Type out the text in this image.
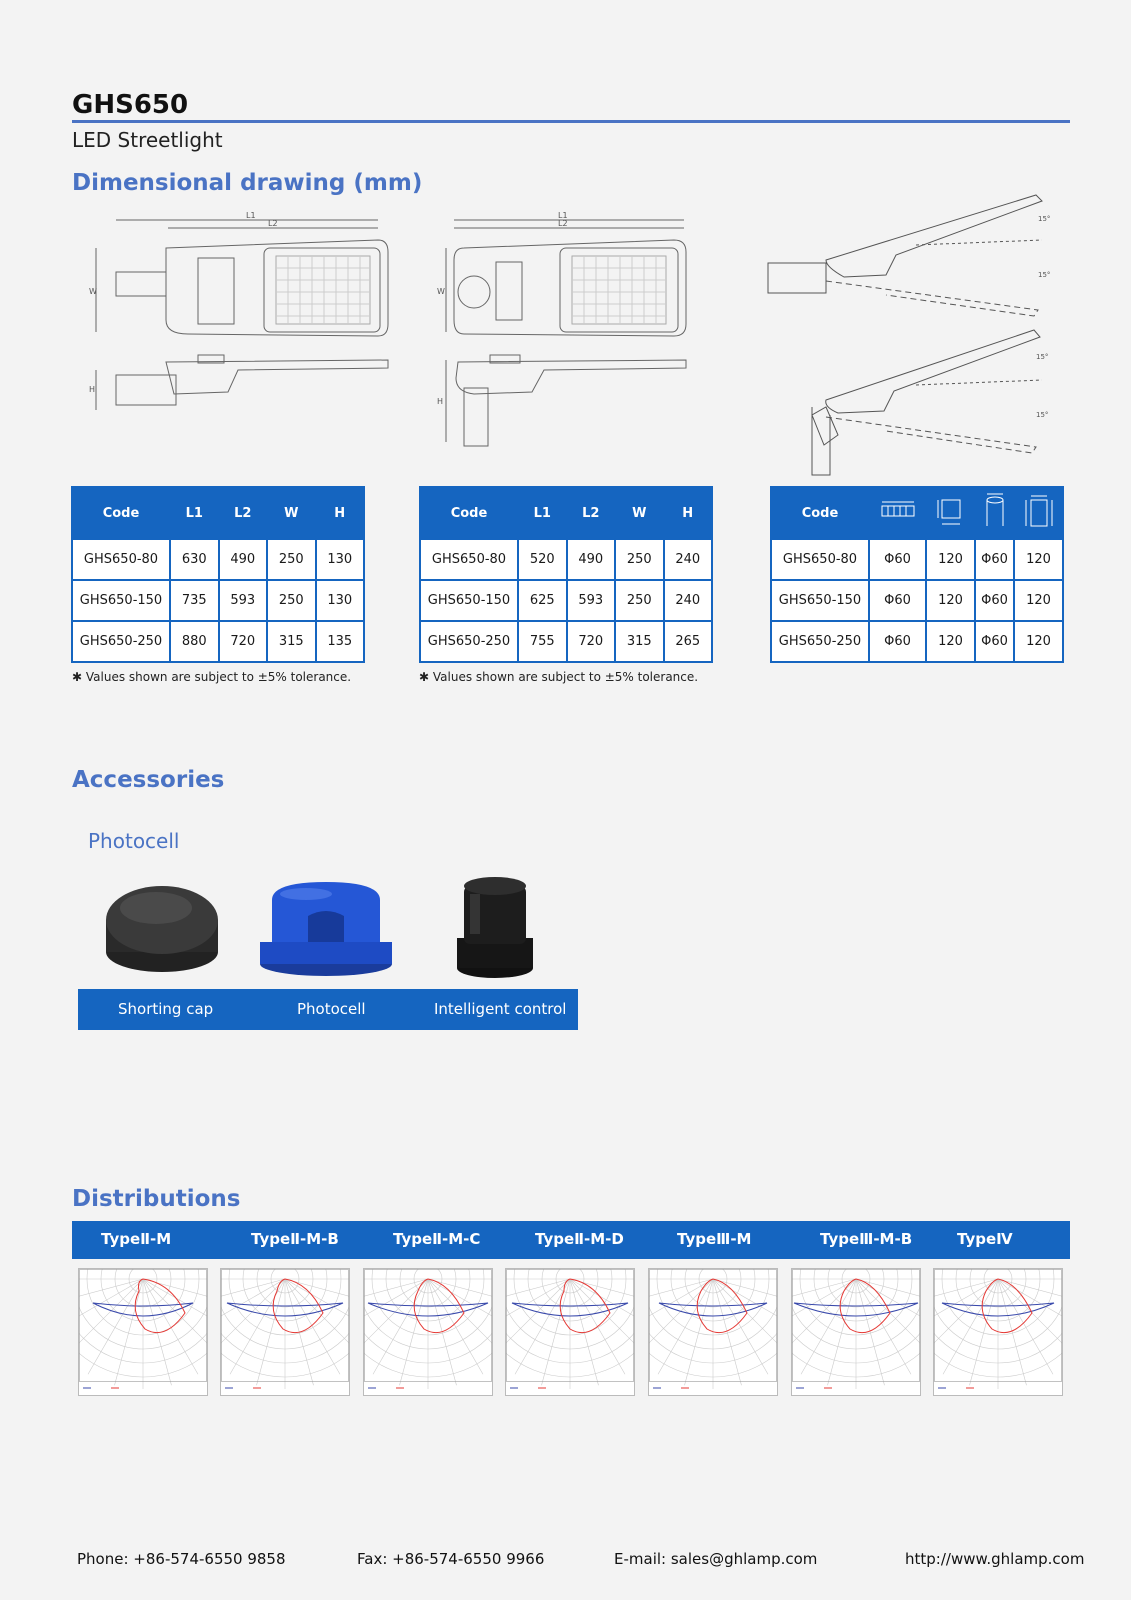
GHS650
LED Streetlight
Dimensional drawing (mm)
L1
L2
W
H
L1
L2
W
H
15°
15°
15°
15°
Code	L1	L2	W	H
GHS650-80	630	490	250	130
GHS650-150	735	593	250	130
GHS650-250	880	720	315	135
✱ Values shown are subject to ±5% tolerance.
Code	L1	L2	W	H
GHS650-80	520	490	250	240
GHS650-150	625	593	250	240
GHS650-250	755	720	315	265
✱ Values shown are subject to ±5% tolerance.
Code				
GHS650-80	Φ60	120	Φ60	120
GHS650-150	Φ60	120	Φ60	120
GHS650-250	Φ60	120	Φ60	120
Accessories
Photocell
Shorting cap	Photocell	Intelligent control
Distributions
TypeⅡ-M	TypeⅡ-M-B	TypeⅡ-M-C	TypeⅡ-M-D	TypeⅢ-M	TypeⅢ-M-B	TypeⅣ
Phone: +86-574-6550 9858	Fax: +86-574-6550 9966	E-mail: sales@ghlamp.com	http://www.ghlamp.com
